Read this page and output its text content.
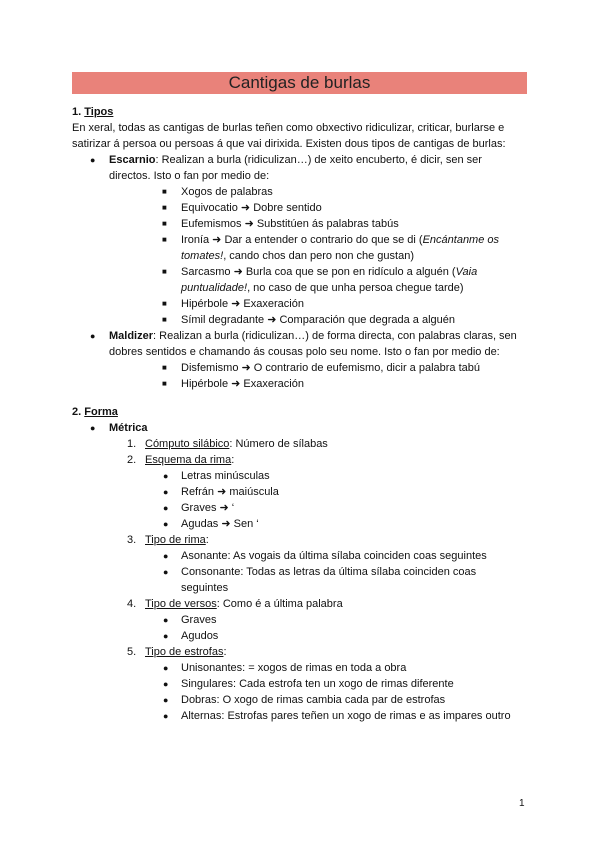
Cantigas de burlas
1. Tipos
En xeral, todas as cantigas de burlas teñen como obxectivo ridiculizar, criticar, burlarse e
satirizar á persoa ou persoas á que vai dirixida. Existen dous tipos de cantigas de burlas:
● Escarnio: Realizan a burla (ridiculizan…) de xeito encuberto, é dicir, sen ser
directos. Isto o fan por medio de:
■ Xogos de palabras
■ Equivocatio ➜ Dobre sentido
■ Eufemismos ➜ Substitúen ás palabras tabús
■ Ironía ➜ Dar a entender o contrario do que se di (Encántanme os
tomates!, cando chos dan pero non che gustan)
■ Sarcasmo ➜ Burla coa que se pon en ridículo a alguén (Vaia
puntualidade!, no caso de que unha persoa chegue tarde)
■ Hipérbole ➜ Exaxeración
■ Símil degradante ➜ Comparación que degrada a alguén
● Maldizer: Realizan a burla (ridiculizan…) de forma directa, con palabras claras, sen
dobres sentidos e chamando ás cousas polo seu nome. Isto o fan por medio de:
■ Disfemismo ➜ O contrario de eufemismo, dicir a palabra tabú
■ Hipérbole ➜ Exaxeración
2. Forma
● Métrica
1. Cómputo silábico: Número de sílabas
2. Esquema da rima:
● Letras minúsculas
● Refrán ➜ maiúscula
● Graves ➜ ‘
● Agudas ➜ Sen ‘
3. Tipo de rima:
● Asonante: As vogais da última sílaba coinciden coas seguintes
● Consonante: Todas as letras da última sílaba coinciden coas
seguintes
4. Tipo de versos: Como é a última palabra
● Graves
● Agudos
5. Tipo de estrofas:
● Unisonantes: = xogos de rimas en toda a obra
● Singulares: Cada estrofa ten un xogo de rimas diferente
● Dobras: O xogo de rimas cambia cada par de estrofas
● Alternas: Estrofas pares teñen un xogo de rimas e as impares outro
1
